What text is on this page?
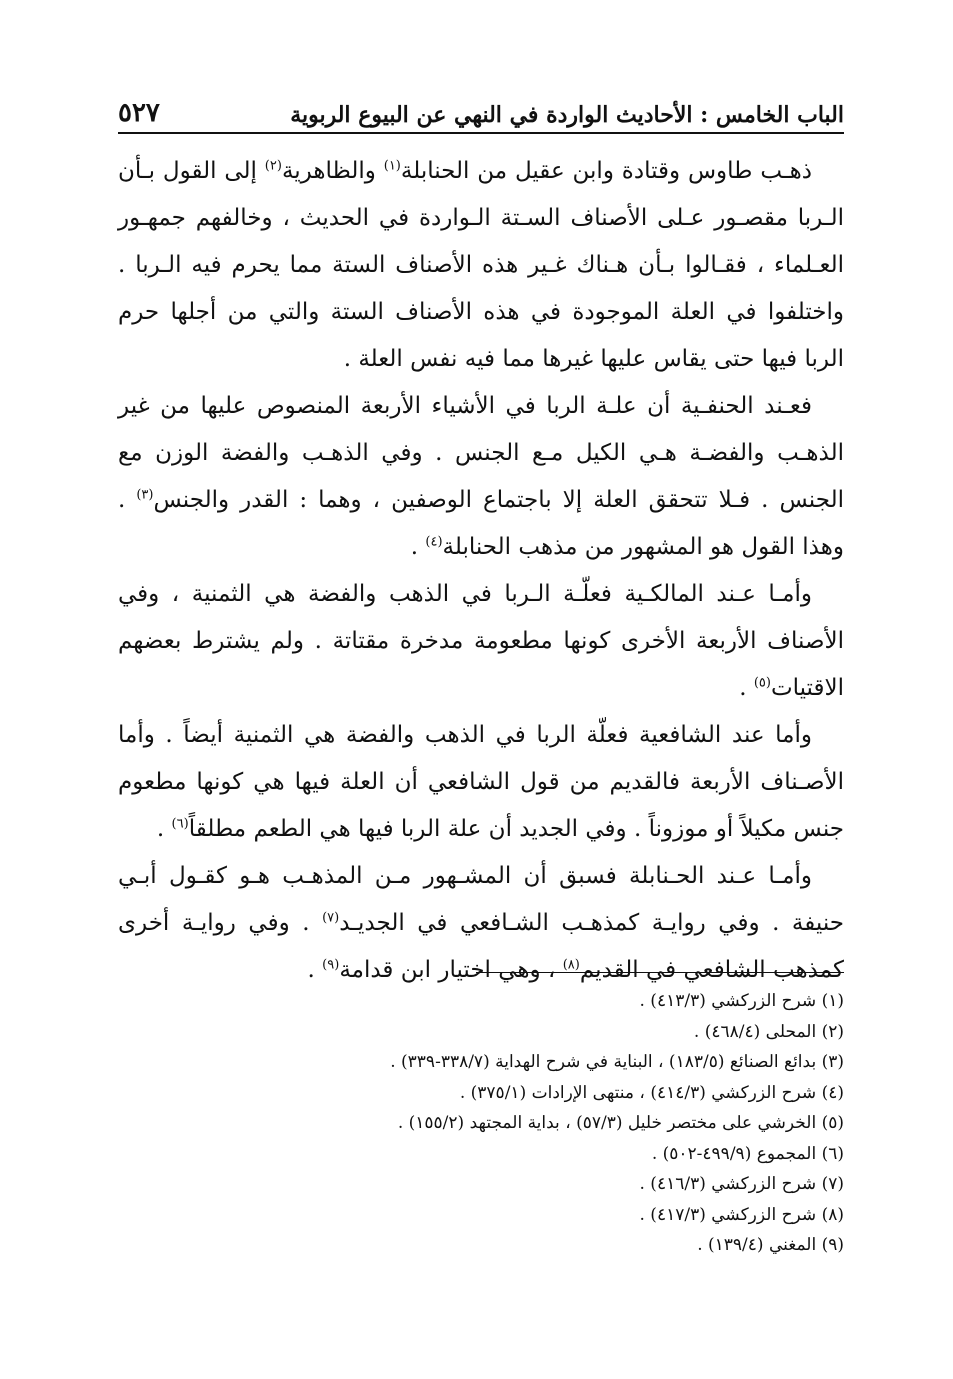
الباب الخامس : الأحاديث الواردة في النهي عن البيوع الربوية
٥٢٧

ذهـب طاوس وقتادة وابن عقيل من الحنابلة$^{(١)}$ والظاهرية$^{(٢)}$ إلى القول بـأن الـربا مقصـور عـلى الأصناف السـتة الـواردة في الحديث ، وخالفهم جمهـور العـلماء ، فقـالوا بـأن هـناك غـير هذه الأصناف الستة مما يحرم فيه الـربا . واختلفوا في العلة الموجودة في هذه الأصناف الستة والتي من أجلها حرم الربا فيها حتى يقاس عليها غيرها مما فيه نفس العلة .

فعـند الحنفـية أن علـة الربا في الأشياء الأربعة المنصوص عليها من غير الذهـب والفضـة هـي الكيل مـع الجنس . وفي الذهـب والفضة الوزن مع الجنس . فـلا تتحقق العلة إلا باجتماع الوصفين ، وهما : القدر والجنس$^{(٣)}$ . وهذا القول هو المشهور من مذهب الحنابلة$^{(٤)}$ .

وأمـا عـند المالكـية فعلّـة الـربا في الذهب والفضة هي الثمنية ، وفي الأصناف الأربعة الأخرى كونها مطعومة مدخرة مقتاتة . ولم يشترط بعضهم الاقتيات$^{(٥)}$ .

وأما عند الشافعية فعلّة الربا في الذهب والفضة هي الثمنية أيضاً . وأما الأصـناف الأربعة فالقديم من قول الشافعي أن العلة فيها هي كونها مطعوم جنس مكيلاً أو موزوناً . وفي الجديد أن علة الربا فيها هي الطعم مطلقاً$^{(٦)}$ .

وأمـا عـند الحـنابلة فسبق أن المشـهور مـن المذهـب هـو كقـول أبـي حنيفة . وفي روايـة كمذهـب الشـافعي في الجديـد$^{(٧)}$ . وفي روايـة أخرى كمذهب الشافعي في القديم$^{(٨)}$ ، وهي اختيار ابن قدامة$^{(٩)}$ .

(١) شرح الزركشي (٤١٣/٣) .
(٢) المحلى (٤٦٨/٤) .
(٣) بدائع الصنائع (١٨٣/٥) ، البناية في شرح الهداية (٣٣٨/٧-٣٣٩) .
(٤) شرح الزركشي (٤١٤/٣) ، منتهى الإرادات (٣٧٥/١) .
(٥) الخرشي على مختصر خليل (٥٧/٣) ، بداية المجتهد (١٥٥/٢) .
(٦) المجموع (٤٩٩/٩-٥٠٢) .
(٧) شرح الزركشي (٤١٦/٣) .
(٨) شرح الزركشي (٤١٧/٣) .
(٩) المغني (١٣٩/٤) .
